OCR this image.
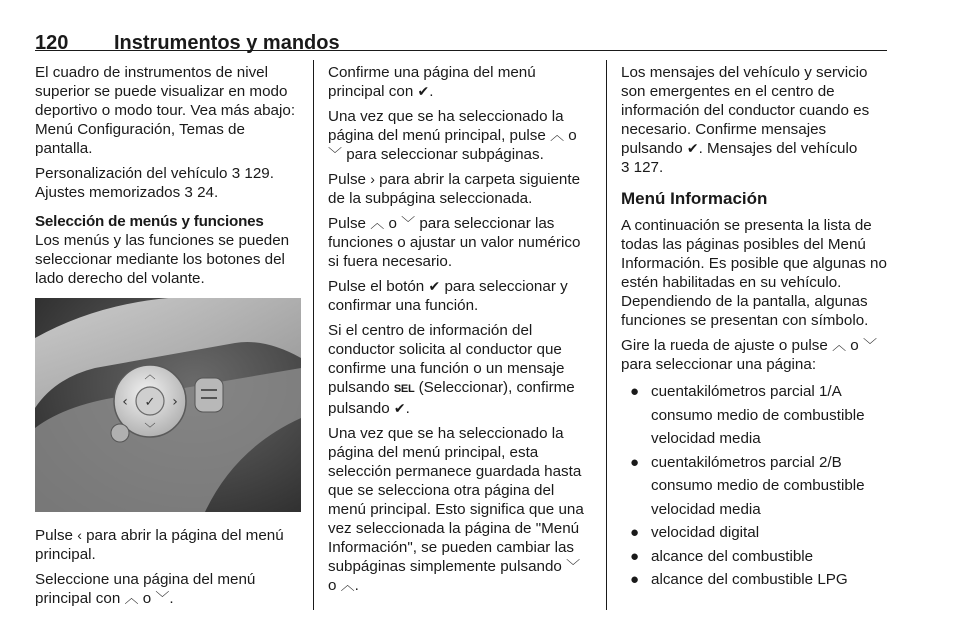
120 Instrumentos y mandos

El cuadro de instrumentos de nivel superior se puede visualizar en modo deportivo o modo tour. Vea más abajo: Menú Configuración, Temas de pantalla.

Personalización del vehículo 3 129.
Ajustes memorizados 3 24.

Selección de menús y funciones

Los menús y las funciones se pueden seleccionar mediante los botones del lado derecho del volante.

✓
︿
﹀
‹	›

Pulse ‹ para abrir la página del menú principal.

Seleccione una página del menú principal con ︿ o ﹀.

Confirme una página del menú principal con ✔.

Una vez que se ha seleccionado la página del menú principal, pulse ︿ o ﹀ para seleccionar subpáginas.

Pulse › para abrir la carpeta siguiente de la subpágina seleccionada.

Pulse ︿ o ﹀ para seleccionar las funciones o ajustar un valor numérico si fuera necesario.

Pulse el botón ✔ para seleccionar y confirmar una función.

Si el centro de información del conductor solicita al conductor que confirme una función o un mensaje pulsando SEL (Seleccionar), confirme pulsando ✔.

Una vez que se ha seleccionado la página del menú principal, esta selección permanece guardada hasta que se selecciona otra página del menú principal. Esto significa que una vez seleccionada la página de "Menú Información", se pueden cambiar las subpáginas simplemente pulsando ﹀ o ︿.

Los mensajes del vehículo y servicio son emergentes en el centro de información del conductor cuando es necesario. Confirme mensajes pulsando ✔. Mensajes del vehículo
3 127.

Menú Información

A continuación se presenta la lista de todas las páginas posibles del Menú Información. Es posible que algunas no estén habilitadas en su vehículo. Dependiendo de la pantalla, algunas funciones se presentan con símbolo.

Gire la rueda de ajuste o pulse ︿ o ﹀ para seleccionar una página:

● cuentakilómetros parcial 1/A
consumo medio de combustible
velocidad media
● cuentakilómetros parcial 2/B
consumo medio de combustible
velocidad media
● velocidad digital
● alcance del combustible
● alcance del combustible LPG
